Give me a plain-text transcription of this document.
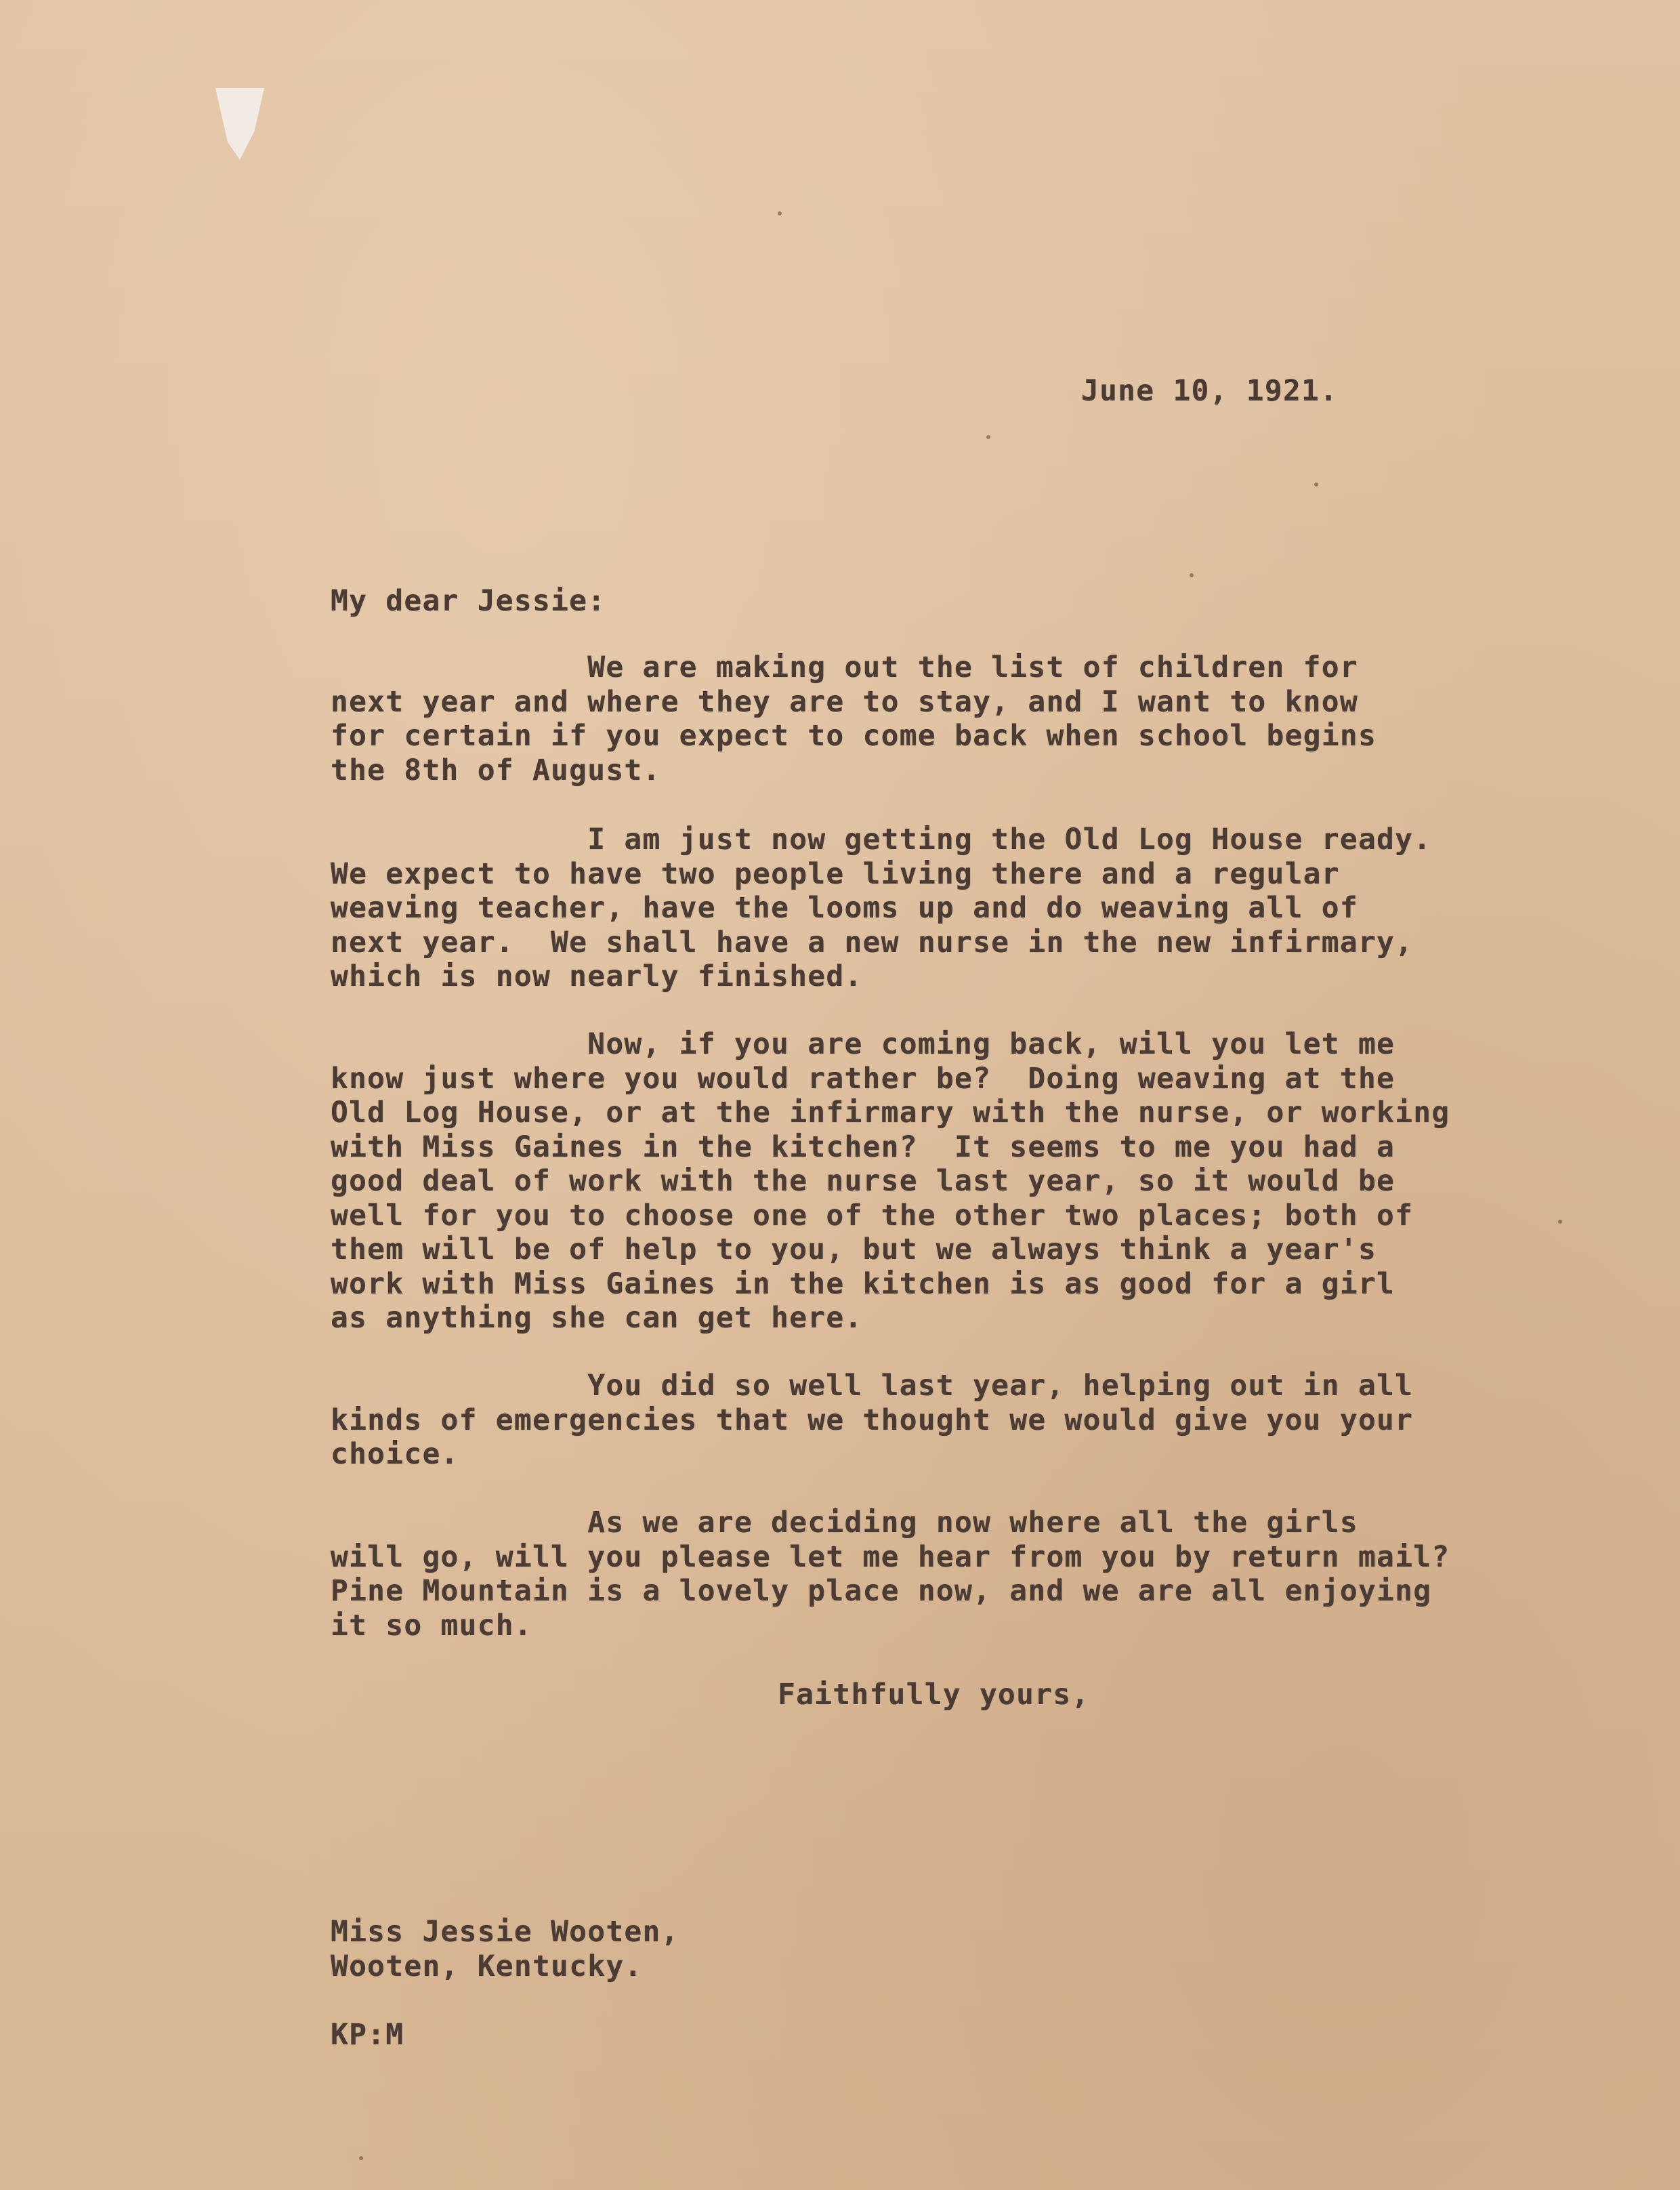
June 10, 1921.

My dear Jessie:

We are making out the list of children for
next year and where they are to stay, and I want to know
for certain if you expect to come back when school begins
the 8th of August.

I am just now getting the Old Log House ready.
We expect to have two people living there and a regular
weaving teacher, have the looms up and do weaving all of
next year.  We shall have a new nurse in the new infirmary,
which is now nearly finished.

Now, if you are coming back, will you let me
know just where you would rather be?  Doing weaving at the
Old Log House, or at the infirmary with the nurse, or working
with Miss Gaines in the kitchen?  It seems to me you had a
good deal of work with the nurse last year, so it would be
well for you to choose one of the other two places; both of
them will be of help to you, but we always think a year's
work with Miss Gaines in the kitchen is as good for a girl
as anything she can get here.

You did so well last year, helping out in all
kinds of emergencies that we thought we would give you your
choice.

As we are deciding now where all the girls
will go, will you please let me hear from you by return mail?
Pine Mountain is a lovely place now, and we are all enjoying
it so much.

Faithfully yours,

Miss Jessie Wooten,
Wooten, Kentucky.

KP:M
